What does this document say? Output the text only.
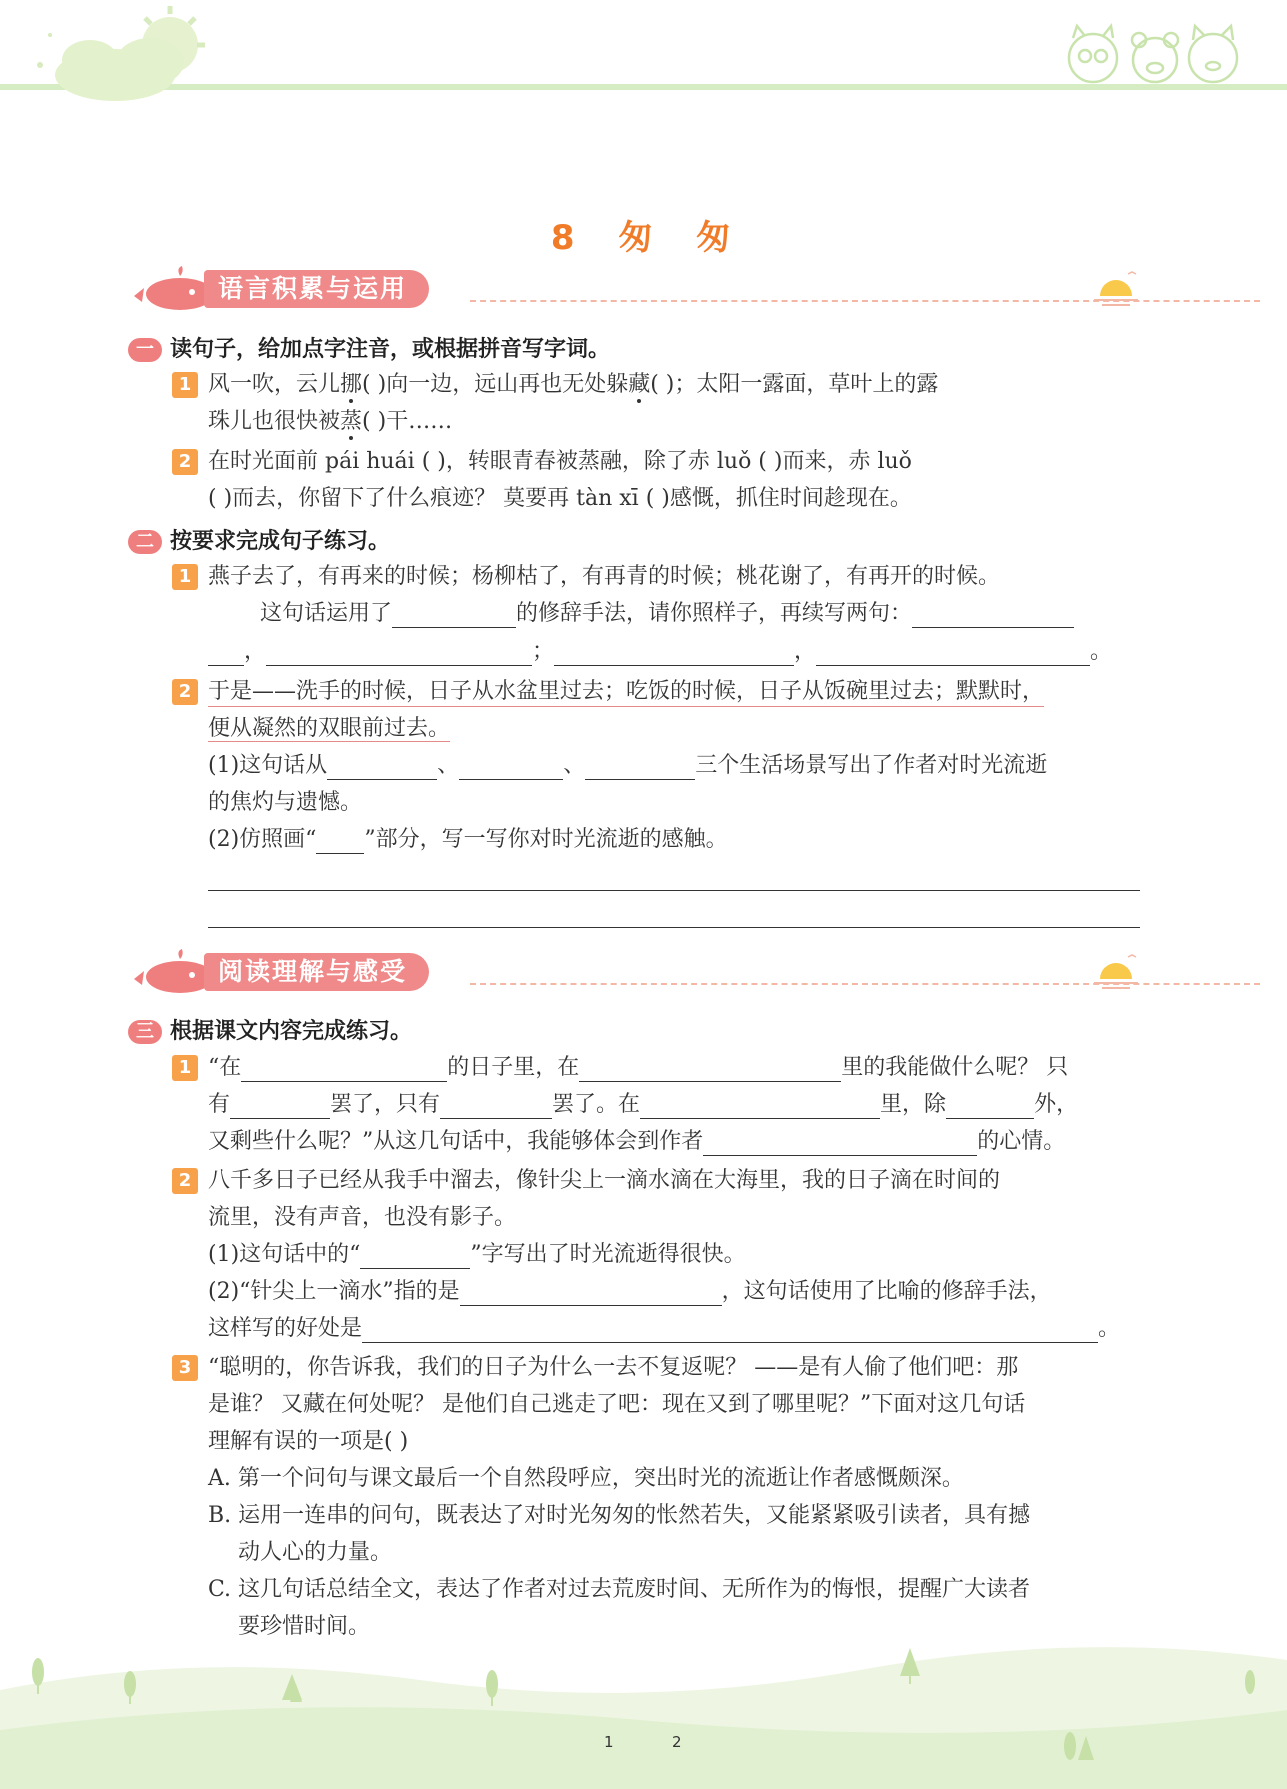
8 匆 匆
语言积累与运用
一 读句子，给加点字注音，或根据拼音写字词。
1 风一吹，云儿挪( )向一边，远山再也无处躲藏( )；太阳一露面，草叶上的露
珠儿也很快被蒸( )干……
2 在时光面前 pái huái ( )，转眼青春被蒸融，除了赤 luǒ ( )而来，赤 luǒ
( )而去，你留下了什么痕迹？ 莫要再 tàn xī ( )感慨，抓住时间趁现在。
二 按要求完成句子练习。
1 燕子去了，有再来的时候；杨柳枯了，有再青的时候；桃花谢了，有再开的时候。
这句话运用了	的修辞手法，请你照样子，再续写两句：
，	；	，	。
2 于是——洗手的时候，日子从水盆里过去；吃饭的时候，日子从饭碗里过去；默默时，
便从凝然的双眼前过去。
(1)这句话从	、	、	三个生活场景写出了作者对时光流逝
的焦灼与遗憾。
(2)仿照画“ ”部分，写一写你对时光流逝的感触。
阅读理解与感受
三 根据课文内容完成练习。
1 “在	的日子里，在	里的我能做什么呢？ 只
有	罢了，只有	罢了。在	里，除	外，
又剩些什么呢？”从这几句话中，我能够体会到作者	的心情。
2 八千多日子已经从我手中溜去，像针尖上一滴水滴在大海里，我的日子滴在时间的
流里，没有声音，也没有影子。
(1)这句话中的“	”字写出了时光流逝得很快。
(2)“针尖上一滴水”指的是	，这句话使用了比喻的修辞手法，
这样写的好处是	。
3 “聪明的，你告诉我，我们的日子为什么一去不复返呢？ ——是有人偷了他们吧：那
是谁？ 又藏在何处呢？ 是他们自己逃走了吧：现在又到了哪里呢？”下面对这几句话
理解有误的一项是( )
A. 第一个问句与课文最后一个自然段呼应，突出时光的流逝让作者感慨颇深。
B. 运用一连串的问句，既表达了对时光匆匆的怅然若失，又能紧紧吸引读者，具有撼
动人心的力量。
C. 这几句话总结全文，表达了作者对过去荒废时间、无所作为的悔恨，提醒广大读者
要珍惜时间。
1	2
